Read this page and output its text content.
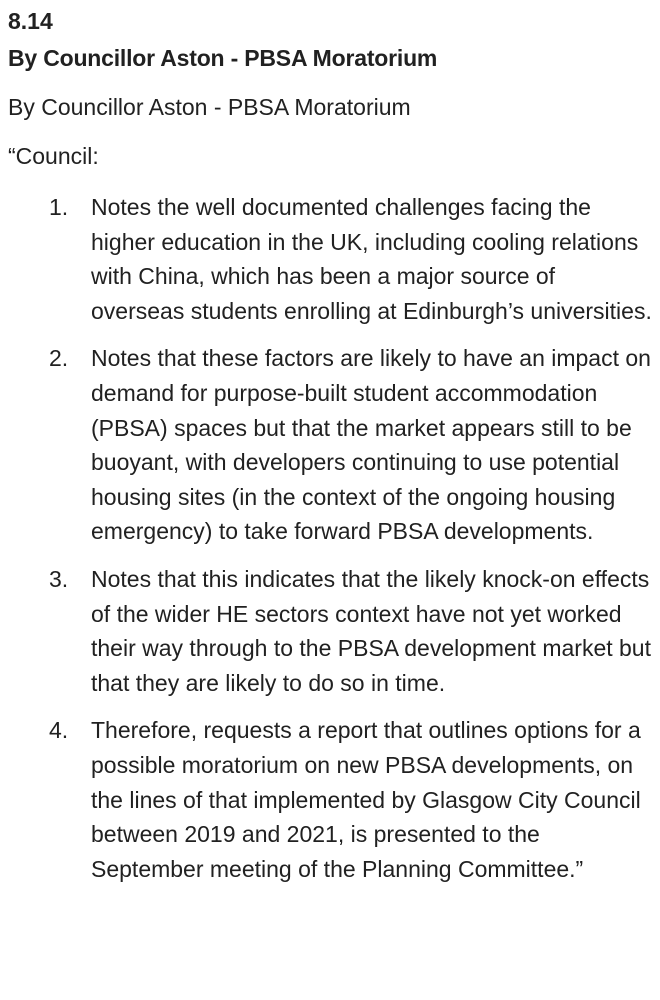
8.14

By Councillor Aston - PBSA Moratorium

By Councillor Aston - PBSA Moratorium

“Council:

1. Notes the well documented challenges facing the higher education in the UK, including cooling relations with China, which has been a major source of overseas students enrolling at Edinburgh’s universities.
2. Notes that these factors are likely to have an impact on demand for purpose-built student accommodation (PBSA) spaces but that the market appears still to be buoyant, with developers continuing to use potential housing sites (in the context of the ongoing housing emergency) to take forward PBSA developments.
3. Notes that this indicates that the likely knock-on effects of the wider HE sectors context have not yet worked their way through to the PBSA development market but that they are likely to do so in time.
4. Therefore, requests a report that outlines options for a possible moratorium on new PBSA developments, on the lines of that implemented by Glasgow City Council between 2019 and 2021, is presented to the September meeting of the Planning Committee.”
